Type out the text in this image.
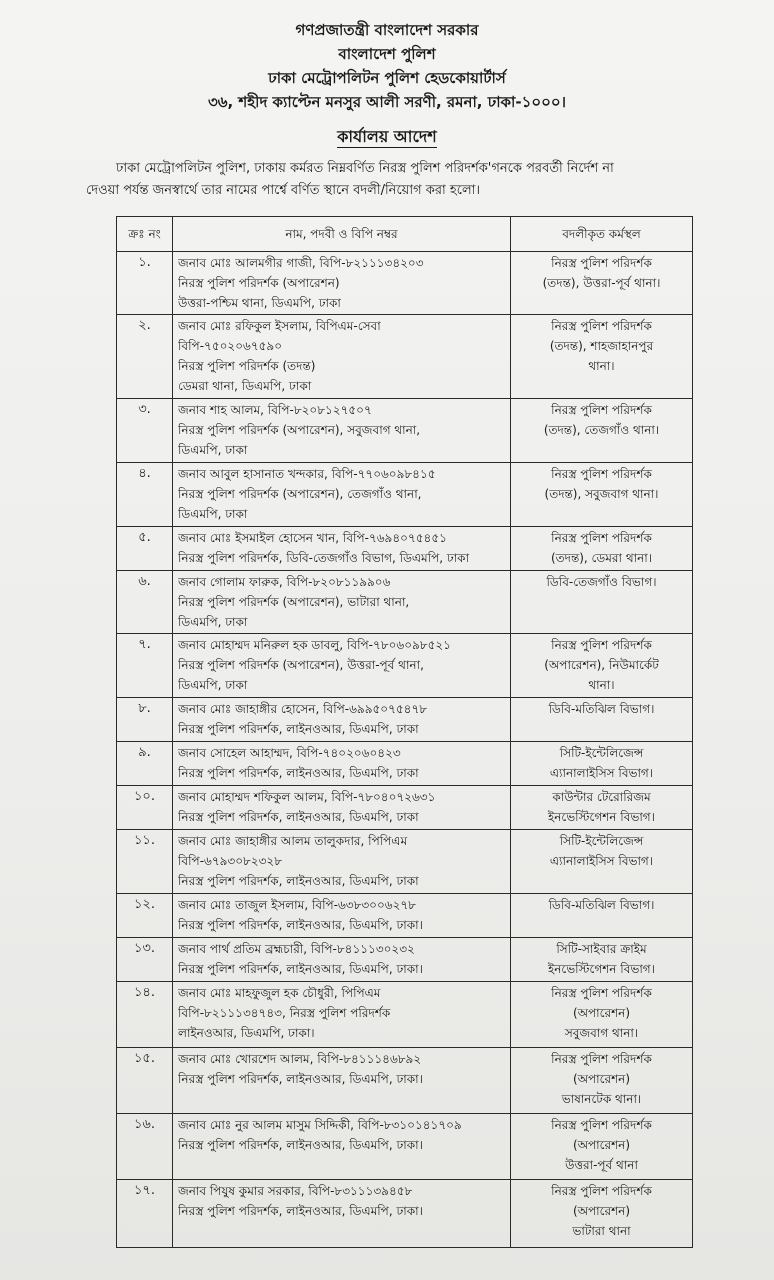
গণপ্রজাতন্ত্রী বাংলাদেশ সরকার
বাংলাদেশ পুলিশ
ঢাকা মেট্রোপলিটন পুলিশ হেডকোয়ার্টার্স
৩৬, শহীদ ক্যাপ্টেন মনসুর আলী সরণী, রমনা, ঢাকা-১০০০।
কার্যালয় আদেশ
ঢাকা মেট্রোপলিটন পুলিশ, ঢাকায় কর্মরত নিম্নবর্ণিত নিরস্ত্র পুলিশ পরিদর্শক'গনকে পরবর্তী নির্দেশ না
দেওয়া পর্যন্ত জনস্বার্থে তার নামের পার্শ্বে বর্ণিত স্থানে বদলী/নিয়োগ করা হলো।
ক্রঃ নং	নাম, পদবী ও বিপি নম্বর	বদলীকৃত কর্মস্থল
১.	জনাব মোঃ আলমগীর গাজী, বিপি-৮২১১১৩৪২০৩
নিরস্ত্র পুলিশ পরিদর্শক (অপারেশন)
উত্তরা-পশ্চিম থানা, ডিএমপি, ঢাকা	নিরস্ত্র পুলিশ পরিদর্শক
(তদন্ত), উত্তরা-পূর্ব থানা।

২.	জনাব মোঃ রফিকুল ইসলাম, বিপিএম-সেবা
বিপি-৭৫০২০৬৭৫৯০
নিরস্ত্র পুলিশ পরিদর্শক (তদন্ত)
ডেমরা থানা, ডিএমপি, ঢাকা	নিরস্ত্র পুলিশ পরিদর্শক
(তদন্ত), শাহজাহানপুর
থানা।

৩.	জনাব শাহ আলম, বিপি-৮২০৮১২৭৫০৭
নিরস্ত্র পুলিশ পরিদর্শক (অপারেশন), সবুজবাগ থানা,
ডিএমপি, ঢাকা	নিরস্ত্র পুলিশ পরিদর্শক
(তদন্ত), তেজগাঁও থানা।

৪.	জনাব আবুল হাসানাত খন্দকার, বিপি-৭৭০৬০৯৮৪১৫
নিরস্ত্র পুলিশ পরিদর্শক (অপারেশন), তেজগাঁও থানা,
ডিএমপি, ঢাকা	নিরস্ত্র পুলিশ পরিদর্শক
(তদন্ত), সবুজবাগ থানা।

৫.	জনাব মোঃ ইসমাইল হোসেন খান, বিপি-৭৬৯৪০৭৫৪৫১
নিরস্ত্র পুলিশ পরিদর্শক, ডিবি-তেজগাঁও বিভাগ, ডিএমপি, ঢাকা	নিরস্ত্র পুলিশ পরিদর্শক
(তদন্ত), ডেমরা থানা।

৬.	জনাব গোলাম ফারুক, বিপি-৮২০৮১১৯৯০৬
নিরস্ত্র পুলিশ পরিদর্শক (অপারেশন), ভাটারা থানা,
ডিএমপি, ঢাকা	ডিবি-তেজগাঁও বিভাগ।

৭.	জনাব মোহাম্মদ মনিরুল হক ডাবলু, বিপি-৭৮০৬০৯৮৫২১
নিরস্ত্র পুলিশ পরিদর্শক (অপারেশন), উত্তরা-পূর্ব থানা,
ডিএমপি, ঢাকা	নিরস্ত্র পুলিশ পরিদর্শক
(অপারেশন), নিউমার্কেট
থানা।

৮.	জনাব মোঃ জাহাঙ্গীর হোসেন, বিপি-৬৯৯৫০৭৫৪৭৮
নিরস্ত্র পুলিশ পরিদর্শক, লাইনওআর, ডিএমপি, ঢাকা	ডিবি-মতিঝিল বিভাগ।

৯.	জনাব সোহেল আহাম্মদ, বিপি-৭৪০২০৬০৪২৩
নিরস্ত্র পুলিশ পরিদর্শক, লাইনওআর, ডিএমপি, ঢাকা	সিটি-ইন্টেলিজেন্স
এ্যানালাইসিস বিভাগ।

১০.	জনাব মোহাম্মদ শফিকুল আলম, বিপি-৭৮০৪০৭২৬৩১
নিরস্ত্র পুলিশ পরিদর্শক, লাইনওআর, ডিএমপি, ঢাকা	কাউন্টার টেরোরিজম
ইনভেস্টিগেশন বিভাগ।

১১.	জনাব মোঃ জাহাঙ্গীর আলম তালুকদার, পিপিএম
বিপি-৬৭৯৩০৮২৩২৮
নিরস্ত্র পুলিশ পরিদর্শক, লাইনওআর, ডিএমপি, ঢাকা	সিটি-ইন্টেলিজেন্স
এ্যানালাইসিস বিভাগ।

১২.	জনাব মোঃ তাজুল ইসলাম, বিপি-৬৩৮৩০০৬২৭৮
নিরস্ত্র পুলিশ পরিদর্শক, লাইনওআর, ডিএমপি, ঢাকা।	ডিবি-মতিঝিল বিভাগ।

১৩.	জনাব পার্থ প্রতিম ব্রহ্মচারী, বিপি-৮৪১১১৩০২৩২
নিরস্ত্র পুলিশ পরিদর্শক, লাইনওআর, ডিএমপি, ঢাকা।	সিটি-সাইবার ক্রাইম
ইনভেস্টিগেশন বিভাগ।

১৪.	জনাব মোঃ মাহফুজুল হক চৌধুরী, পিপিএম
বিপি-৮২১১১৩৪৭৪৩, নিরস্ত্র পুলিশ পরিদর্শক
লাইনওআর, ডিএমপি, ঢাকা।	নিরস্ত্র পুলিশ পরিদর্শক
(অপারেশন)
সবুজবাগ থানা।

১৫.	জনাব মোঃ খোরশেদ আলম, বিপি-৮৪১১১৪৬৮৯২
নিরস্ত্র পুলিশ পরিদর্শক, লাইনওআর, ডিএমপি, ঢাকা।	নিরস্ত্র পুলিশ পরিদর্শক
(অপারেশন)
ভাষানটেক থানা।

১৬.	জনাব মোঃ নুর আলম মাসুম সিদ্দিকী, বিপি-৮৩১০১৪১৭০৯
নিরস্ত্র পুলিশ পরিদর্শক, লাইনওআর, ডিএমপি, ঢাকা।	নিরস্ত্র পুলিশ পরিদর্শক
(অপারেশন)
উত্তরা-পূর্ব থানা

১৭.	জনাব পিযুষ কুমার সরকার, বিপি-৮৩১১১৩৯৪৫৮
নিরস্ত্র পুলিশ পরিদর্শক, লাইনওআর, ডিএমপি, ঢাকা।	নিরস্ত্র পুলিশ পরিদর্শক
(অপারেশন)
ভাটারা থানা
